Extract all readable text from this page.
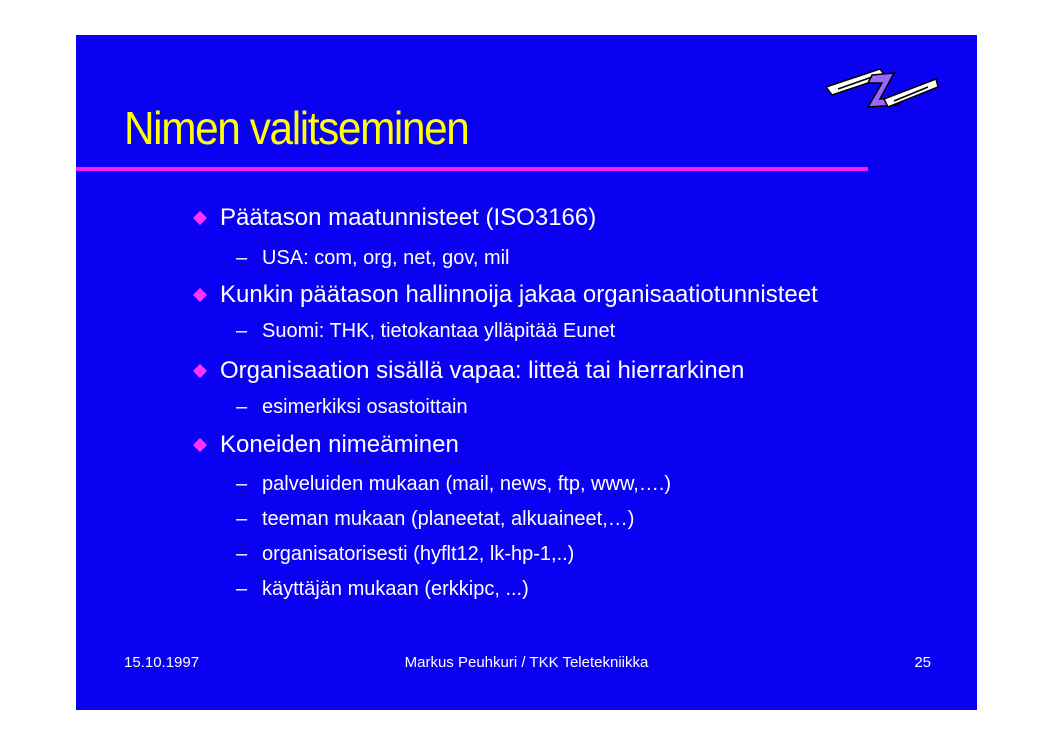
Nimen valitseminen
Päätason maatunnisteet (ISO3166)
– USA: com, org, net, gov, mil
Kunkin päätason hallinnoija jakaa organisaatiotunnisteet
– Suomi: THK, tietokantaa ylläpitää Eunet
Organisaation sisällä vapaa: litteä tai hierrarkinen
– esimerkiksi osastoittain
Koneiden nimeäminen
– palveluiden mukaan (mail, news, ftp, www,….)
– teeman mukaan (planeetat, alkuaineet,…)
– organisatorisesti (hyflt12, lk-hp-1,..)
– käyttäjän mukaan (erkkipc, ...)
15.10.1997	Markus Peuhkuri / TKK Teletekniikka	25
